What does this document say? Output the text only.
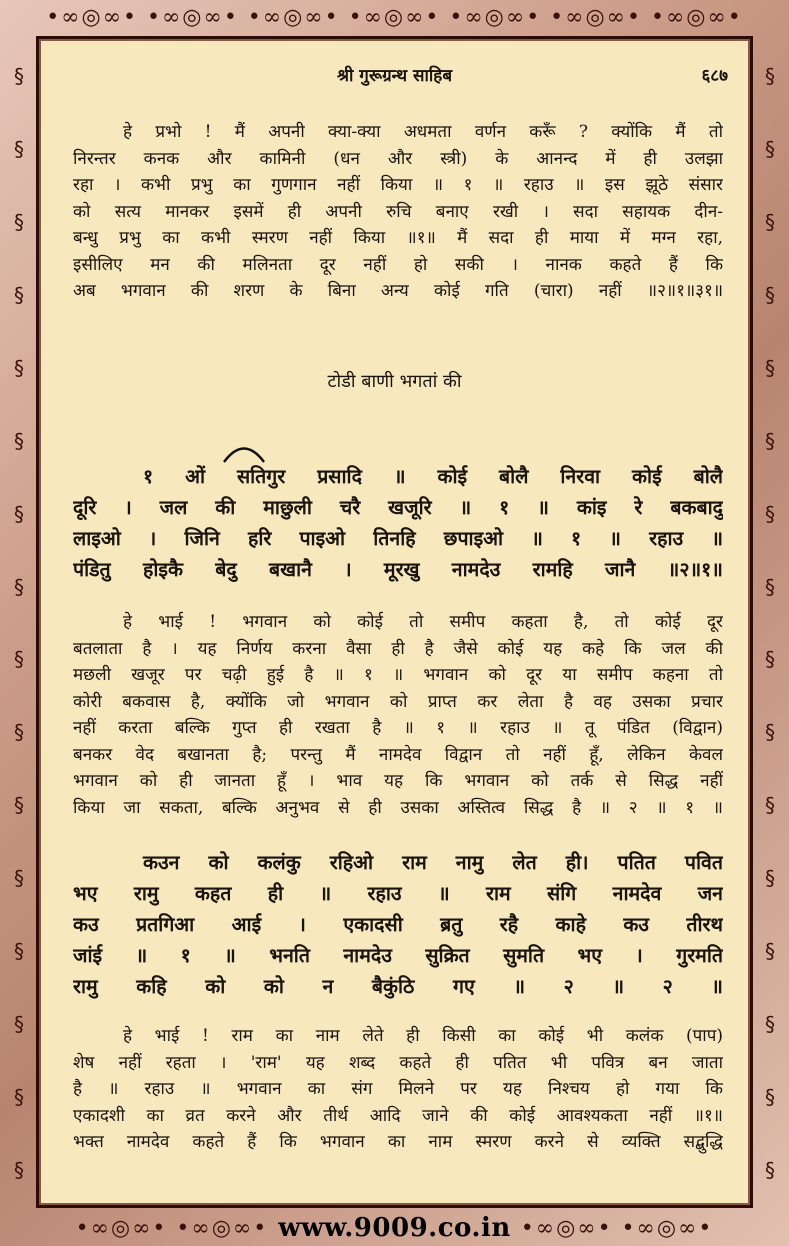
•∞◎∞• •∞◎∞• •∞◎∞• •∞◎∞• •∞◎∞• •∞◎∞• •∞◎∞•
§
§
§
§
§
§
§
§
§
§
§
§
§
§
§
§
§
§
§
§
§
§
§
§
§
§
§
§
§
§
§
§
•∞◎∞• •∞◎∞• www.9009.co.in •∞◎∞• •∞◎∞•
श्री गुरूग्रन्थ साहिब	६८७
हे प्रभो ! मैं अपनी क्या-क्या अधमता वर्णन करूँ ? क्योंकि मैं तो
निरन्तर कनक और कामिनी (धन और स्त्री) के आनन्द में ही उलझा
रहा । कभी प्रभु का गुणगान नहीं किया ॥ १ ॥ रहाउ ॥ इस झूठे संसार
को सत्य मानकर इसमें ही अपनी रुचि बनाए रखी । सदा सहायक दीन-
बन्धु प्रभु का कभी स्मरण नहीं किया ॥१॥ मैं सदा ही माया में मग्न रहा,
इसीलिए मन की मलिनता दूर नहीं हो सकी । नानक कहते हैं कि
अब भगवान की शरण के बिना अन्य कोई गति (चारा) नहीं ॥२॥१॥३१॥
टोडी बाणी भगतां की
१ ओं सतिगुर प्रसादि ॥ कोई बोलै निरवा कोई बोलै
दूरि । जल की माछुली चरै खजूरि ॥ १ ॥ कांइ रे बकबादु
लाइओ । जिनि हरि पाइओ तिनहि छपाइओ ॥ १ ॥ रहाउ ॥
पंडितु होइकै बेदु बखानै । मूरखु नामदेउ रामहि जानै ॥२॥१॥
हे भाई ! भगवान को कोई तो समीप कहता है, तो कोई दूर
बतलाता है । यह निर्णय करना वैसा ही है जैसे कोई यह कहे कि जल की
मछली खजूर पर चढ़ी हुई है ॥ १ ॥ भगवान को दूर या समीप कहना तो
कोरी बकवास है, क्योंकि जो भगवान को प्राप्त कर लेता है वह उसका प्रचार
नहीं करता बल्कि गुप्त ही रखता है ॥ १ ॥ रहाउ ॥ तू पंडित (विद्वान)
बनकर वेद बखानता है; परन्तु मैं नामदेव विद्वान तो नहीं हूँ, लेकिन केवल
भगवान को ही जानता हूँ । भाव यह कि भगवान को तर्क से सिद्ध नहीं
किया जा सकता, बल्कि अनुभव से ही उसका अस्तित्व सिद्ध है ॥ २ ॥ १ ॥
कउन को कलंकु रहिओ राम नामु लेत ही। पतित पवित
भए रामु कहत ही ॥ रहाउ ॥ राम संगि नामदेव जन
कउ प्रतगिआ आई । एकादसी ब्रतु रहै काहे कउ तीरथ
जांई ॥ १ ॥ भनति नामदेउ सुक्रित सुमति भए । गुरमति
रामु कहि को को न बैकुंठि गए ॥ २ ॥ २ ॥
हे भाई ! राम का नाम लेते ही किसी का कोई भी कलंक (पाप)
शेष नहीं रहता । 'राम' यह शब्द कहते ही पतित भी पवित्र बन जाता
है ॥ रहाउ ॥ भगवान का संग मिलने पर यह निश्चय हो गया कि
एकादशी का व्रत करने और तीर्थ आदि जाने की कोई आवश्यकता नहीं ॥१॥
भक्त नामदेव कहते हैं कि भगवान का नाम स्मरण करने से व्यक्ति सद्बुद्धि
